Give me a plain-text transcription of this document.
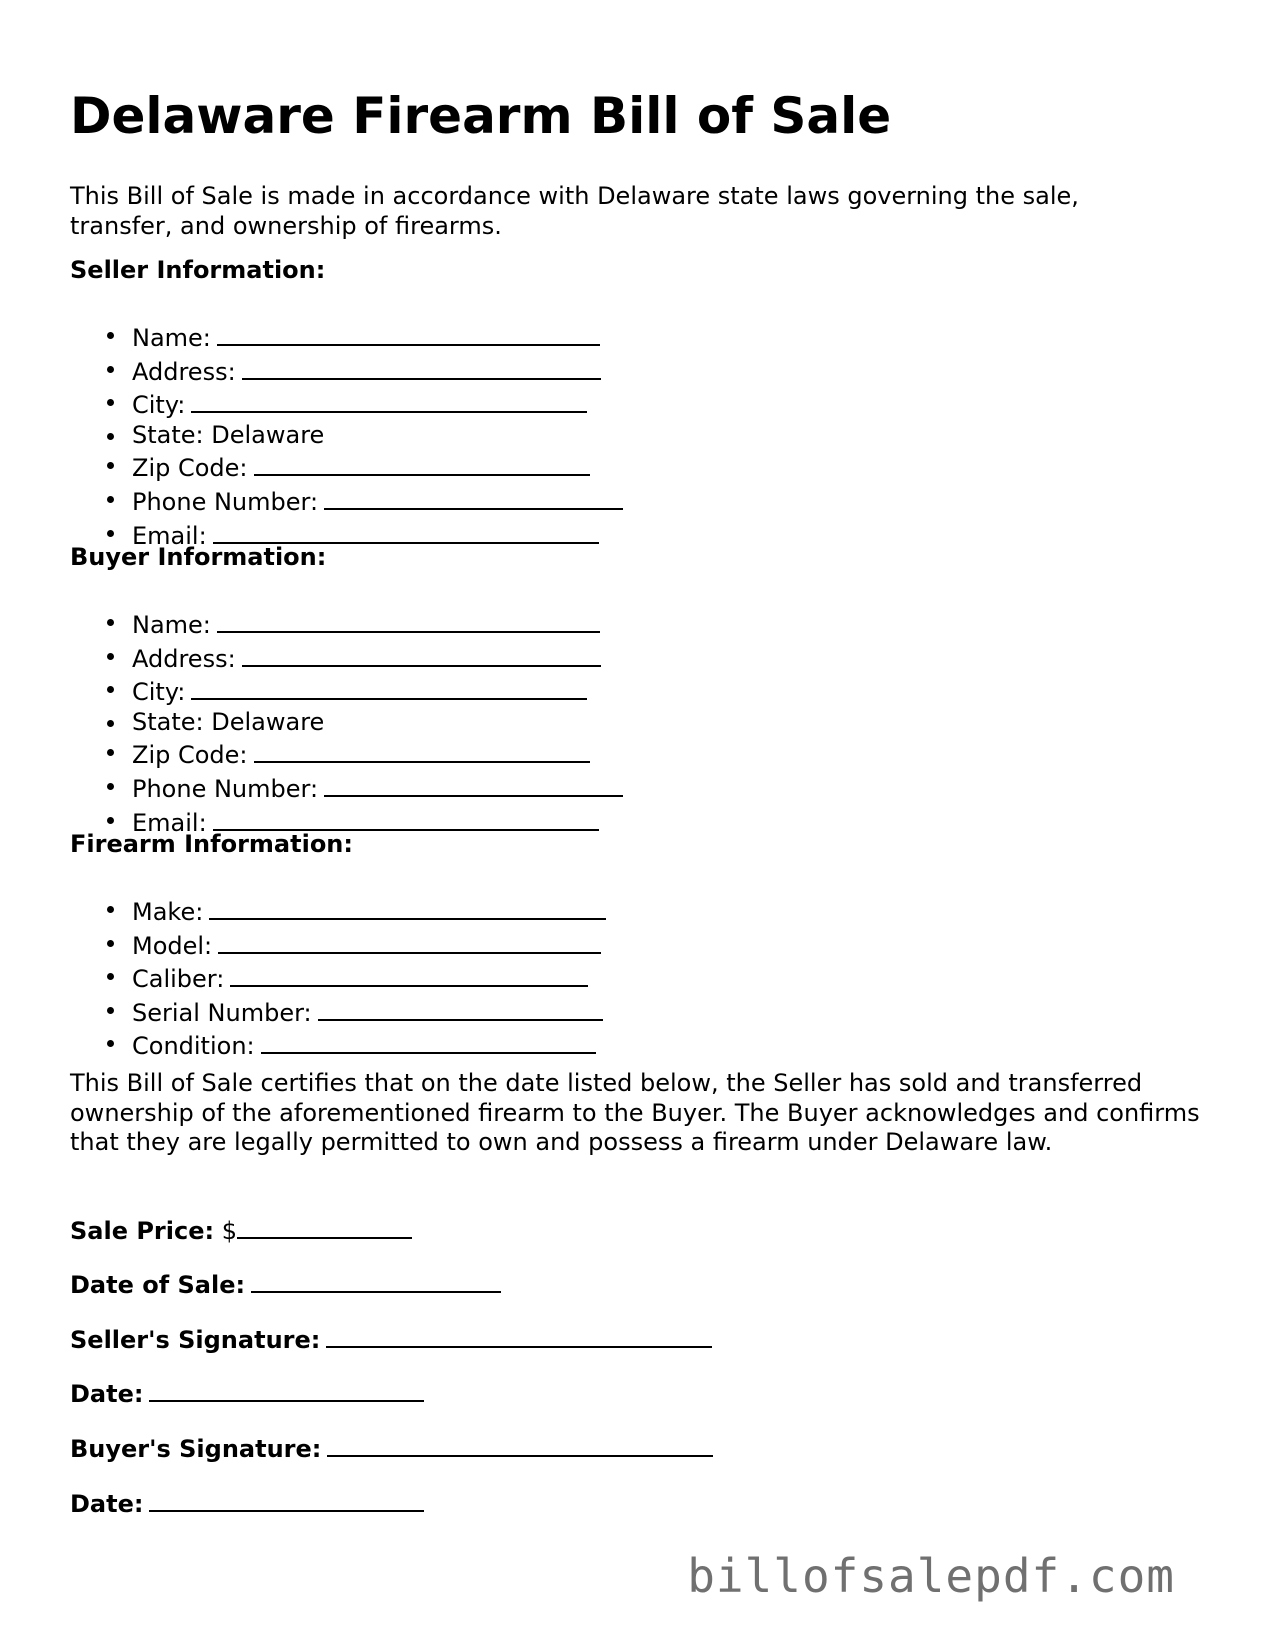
Delaware Firearm Bill of Sale

This Bill of Sale is made in accordance with Delaware state laws governing the sale, transfer, and ownership of firearms.

Seller Information:
Name:
Address:
City:
State: Delaware
Zip Code:
Phone Number:
Email:
Buyer Information:
Name:
Address:
City:
State: Delaware
Zip Code:
Phone Number:
Email:
Firearm Information:
Make:
Model:
Caliber:
Serial Number:
Condition:

This Bill of Sale certifies that on the date listed below, the Seller has sold and transferred ownership of the aforementioned firearm to the Buyer. The Buyer acknowledges and confirms that they are legally permitted to own and possess a firearm under Delaware law.

Sale Price: $
Date of Sale:
Seller's Signature:
Date:
Buyer's Signature:
Date:
billofsalepdf.com
